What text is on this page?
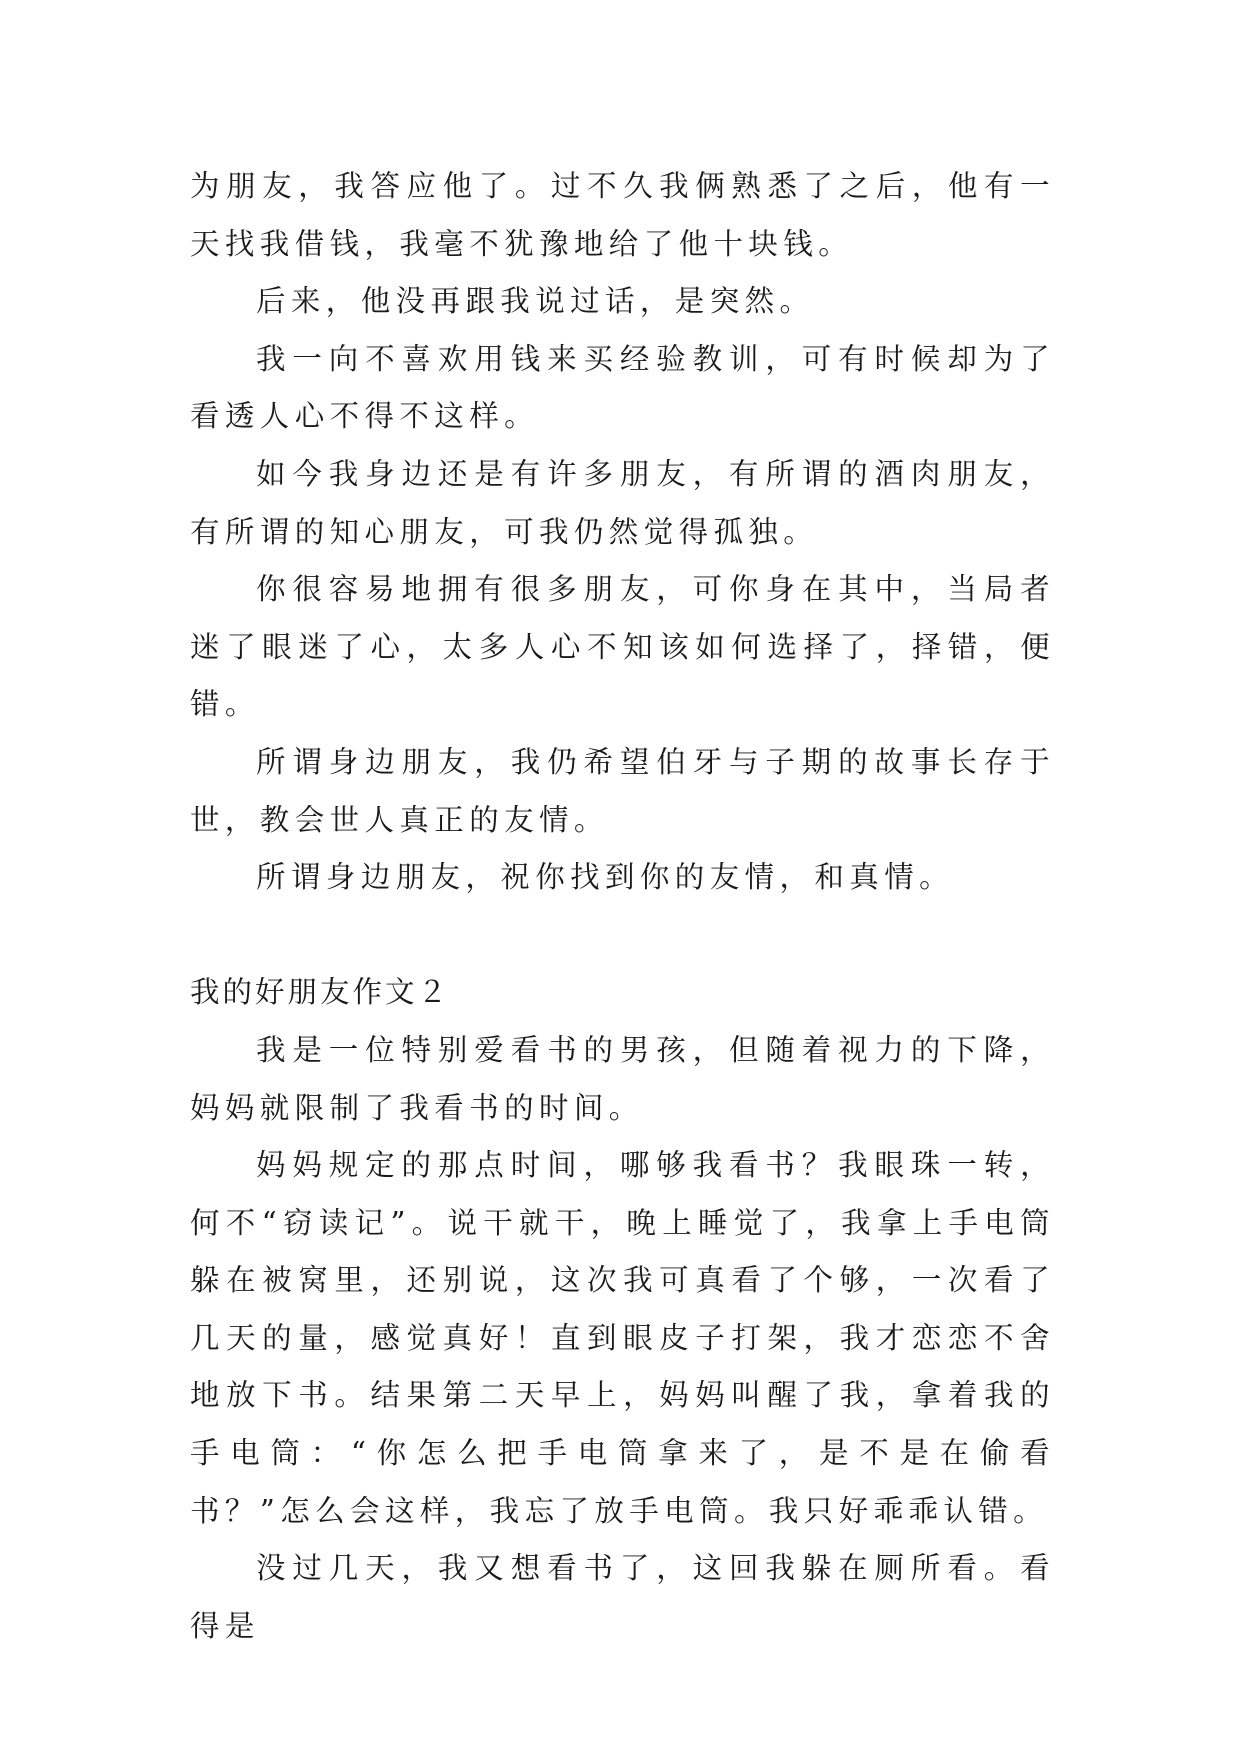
为朋友，我答应他了。过不久我俩熟悉了之后，他有一天找我借钱，我毫不犹豫地给了他十块钱。

后来，他没再跟我说过话，是突然。

我一向不喜欢用钱来买经验教训，可有时候却为了看透人心不得不这样。

如今我身边还是有许多朋友，有所谓的酒肉朋友，有所谓的知心朋友，可我仍然觉得孤独。

你很容易地拥有很多朋友，可你身在其中，当局者迷了眼迷了心，太多人心不知该如何选择了，择错，便错。

所谓身边朋友，我仍希望伯牙与子期的故事长存于世，教会世人真正的友情。

所谓身边朋友，祝你找到你的友情，和真情。

我的好朋友作文２

我是一位特别爱看书的男孩，但随着视力的下降，妈妈就限制了我看书的时间。

妈妈规定的那点时间，哪够我看书？我眼珠一转，何不“窃读记”。说干就干，晚上睡觉了，我拿上手电筒躲在被窝里，还别说，这次我可真看了个够，一次看了几天的量，感觉真好！直到眼皮子打架，我才恋恋不舍地放下书。结果第二天早上，妈妈叫醒了我，拿着我的手电筒：“你怎么把手电筒拿来了，是不是在偷看书？”怎么会这样，我忘了放手电筒。我只好乖乖认错。

没过几天，我又想看书了，这回我躲在厕所看。看得是
